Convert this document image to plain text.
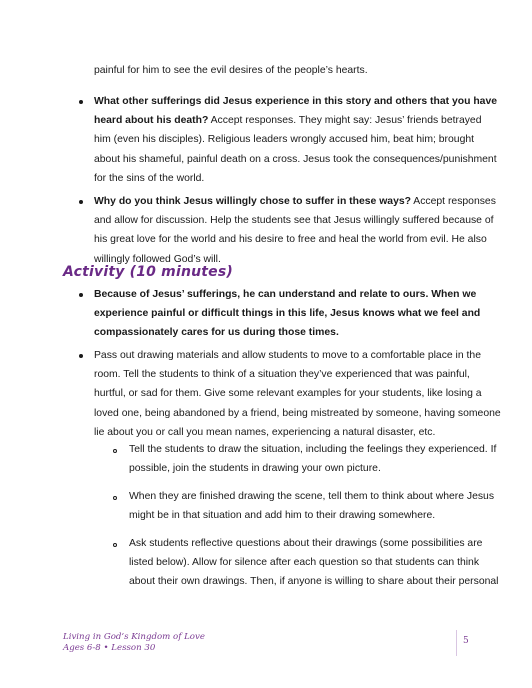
painful for him to see the evil desires of the people’s hearts.

What other sufferings did Jesus experience in this story and others that you have

heard about his death? Accept responses. They might say: Jesus’ friends betrayed

him (even his disciples). Religious leaders wrongly accused him, beat him; brought

about his shameful, painful death on a cross. Jesus took the consequences/punishment

for the sins of the world.

Why do you think Jesus willingly chose to suffer in these ways? Accept responses

and allow for discussion. Help the students see that Jesus willingly suffered because of

his great love for the world and his desire to free and heal the world from evil. He also

willingly followed God’s will.

Activity (10 minutes)

Because of Jesus’ sufferings, he can understand and relate to ours. When we

experience painful or difficult things in this life, Jesus knows what we feel and

compassionately cares for us during those times.

Pass out drawing materials and allow students to move to a comfortable place in the

room. Tell the students to think of a situation they’ve experienced that was painful,

hurtful, or sad for them. Give some relevant examples for your students, like losing a

loved one, being abandoned by a friend, being mistreated by someone, having someone

lie about you or call you mean names, experiencing a natural disaster, etc.

Tell the students to draw the situation, including the feelings they experienced. If

possible, join the students in drawing your own picture.

When they are finished drawing the scene, tell them to think about where Jesus

might be in that situation and add him to their drawing somewhere.

Ask students reflective questions about their drawings (some possibilities are

listed below). Allow for silence after each question so that students can think

about their own drawings. Then, if anyone is willing to share about their personal

Living in God’s Kingdom of Love
Ages 6-8 • Lesson 30
5
